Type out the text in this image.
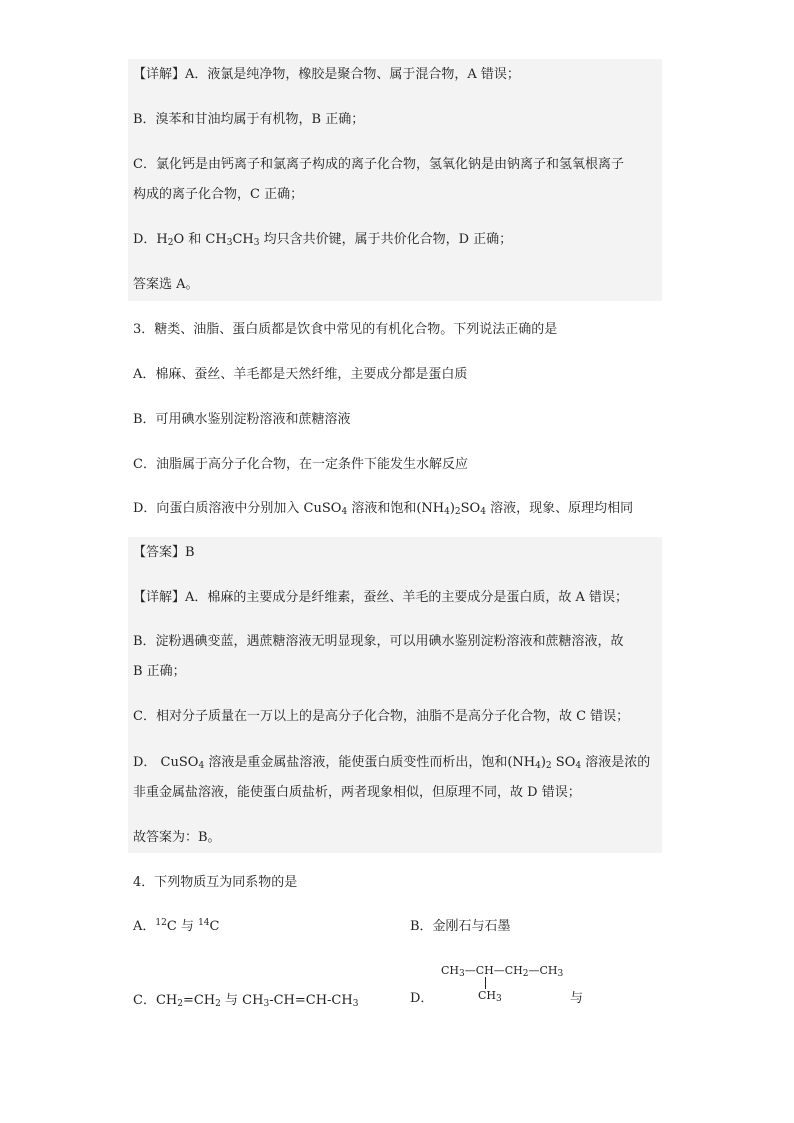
【详解】A．液氯是纯净物，橡胶是聚合物、属于混合物，A 错误；
B．溴苯和甘油均属于有机物，B 正确；
C．氯化钙是由钙离子和氯离子构成的离子化合物，氢氧化钠是由钠离子和氢氧根离子
构成的离子化合物，C 正确；
D．$H_2O$ 和 $CH_3CH_3$ 均只含共价键，属于共价化合物，D 正确；
答案选 A。
3．糖类、油脂、蛋白质都是饮食中常见的有机化合物。下列说法正确的是
A．棉麻、蚕丝、羊毛都是天然纤维，主要成分都是蛋白质
B．可用碘水鉴别淀粉溶液和蔗糖溶液
C．油脂属于高分子化合物，在一定条件下能发生水解反应
D．向蛋白质溶液中分别加入 CuSO$_4$ 溶液和饱和$(NH_4)_2SO_4$ 溶液，现象、原理均相同
【答案】B
【详解】A．棉麻的主要成分是纤维素，蚕丝、羊毛的主要成分是蛋白质，故 A 错误；
B．淀粉遇碘变蓝，遇蔗糖溶液无明显现象，可以用碘水鉴别淀粉溶液和蔗糖溶液，故
B 正确；
C．相对分子质量在一万以上的是高分子化合物，油脂不是高分子化合物，故 C 错误；
D． CuSO$_4$ 溶液是重金属盐溶液，能使蛋白质变性而析出，饱和$(NH_4)_2$ $SO_4$ 溶液是浓的
非重金属盐溶液，能使蛋白质盐析，两者现象相似，但原理不同，故 D 错误；
故答案为：B。
4．下列物质互为同系物的是
A．$^{12}$C 与 $^{14}$C	B．金刚石与石墨
C．$CH_2=CH_2$ 与 $CH_3-CH=CH-CH_3$	D．
$CH_3—CH—CH_2—CH_3$
$CH_3$	与
